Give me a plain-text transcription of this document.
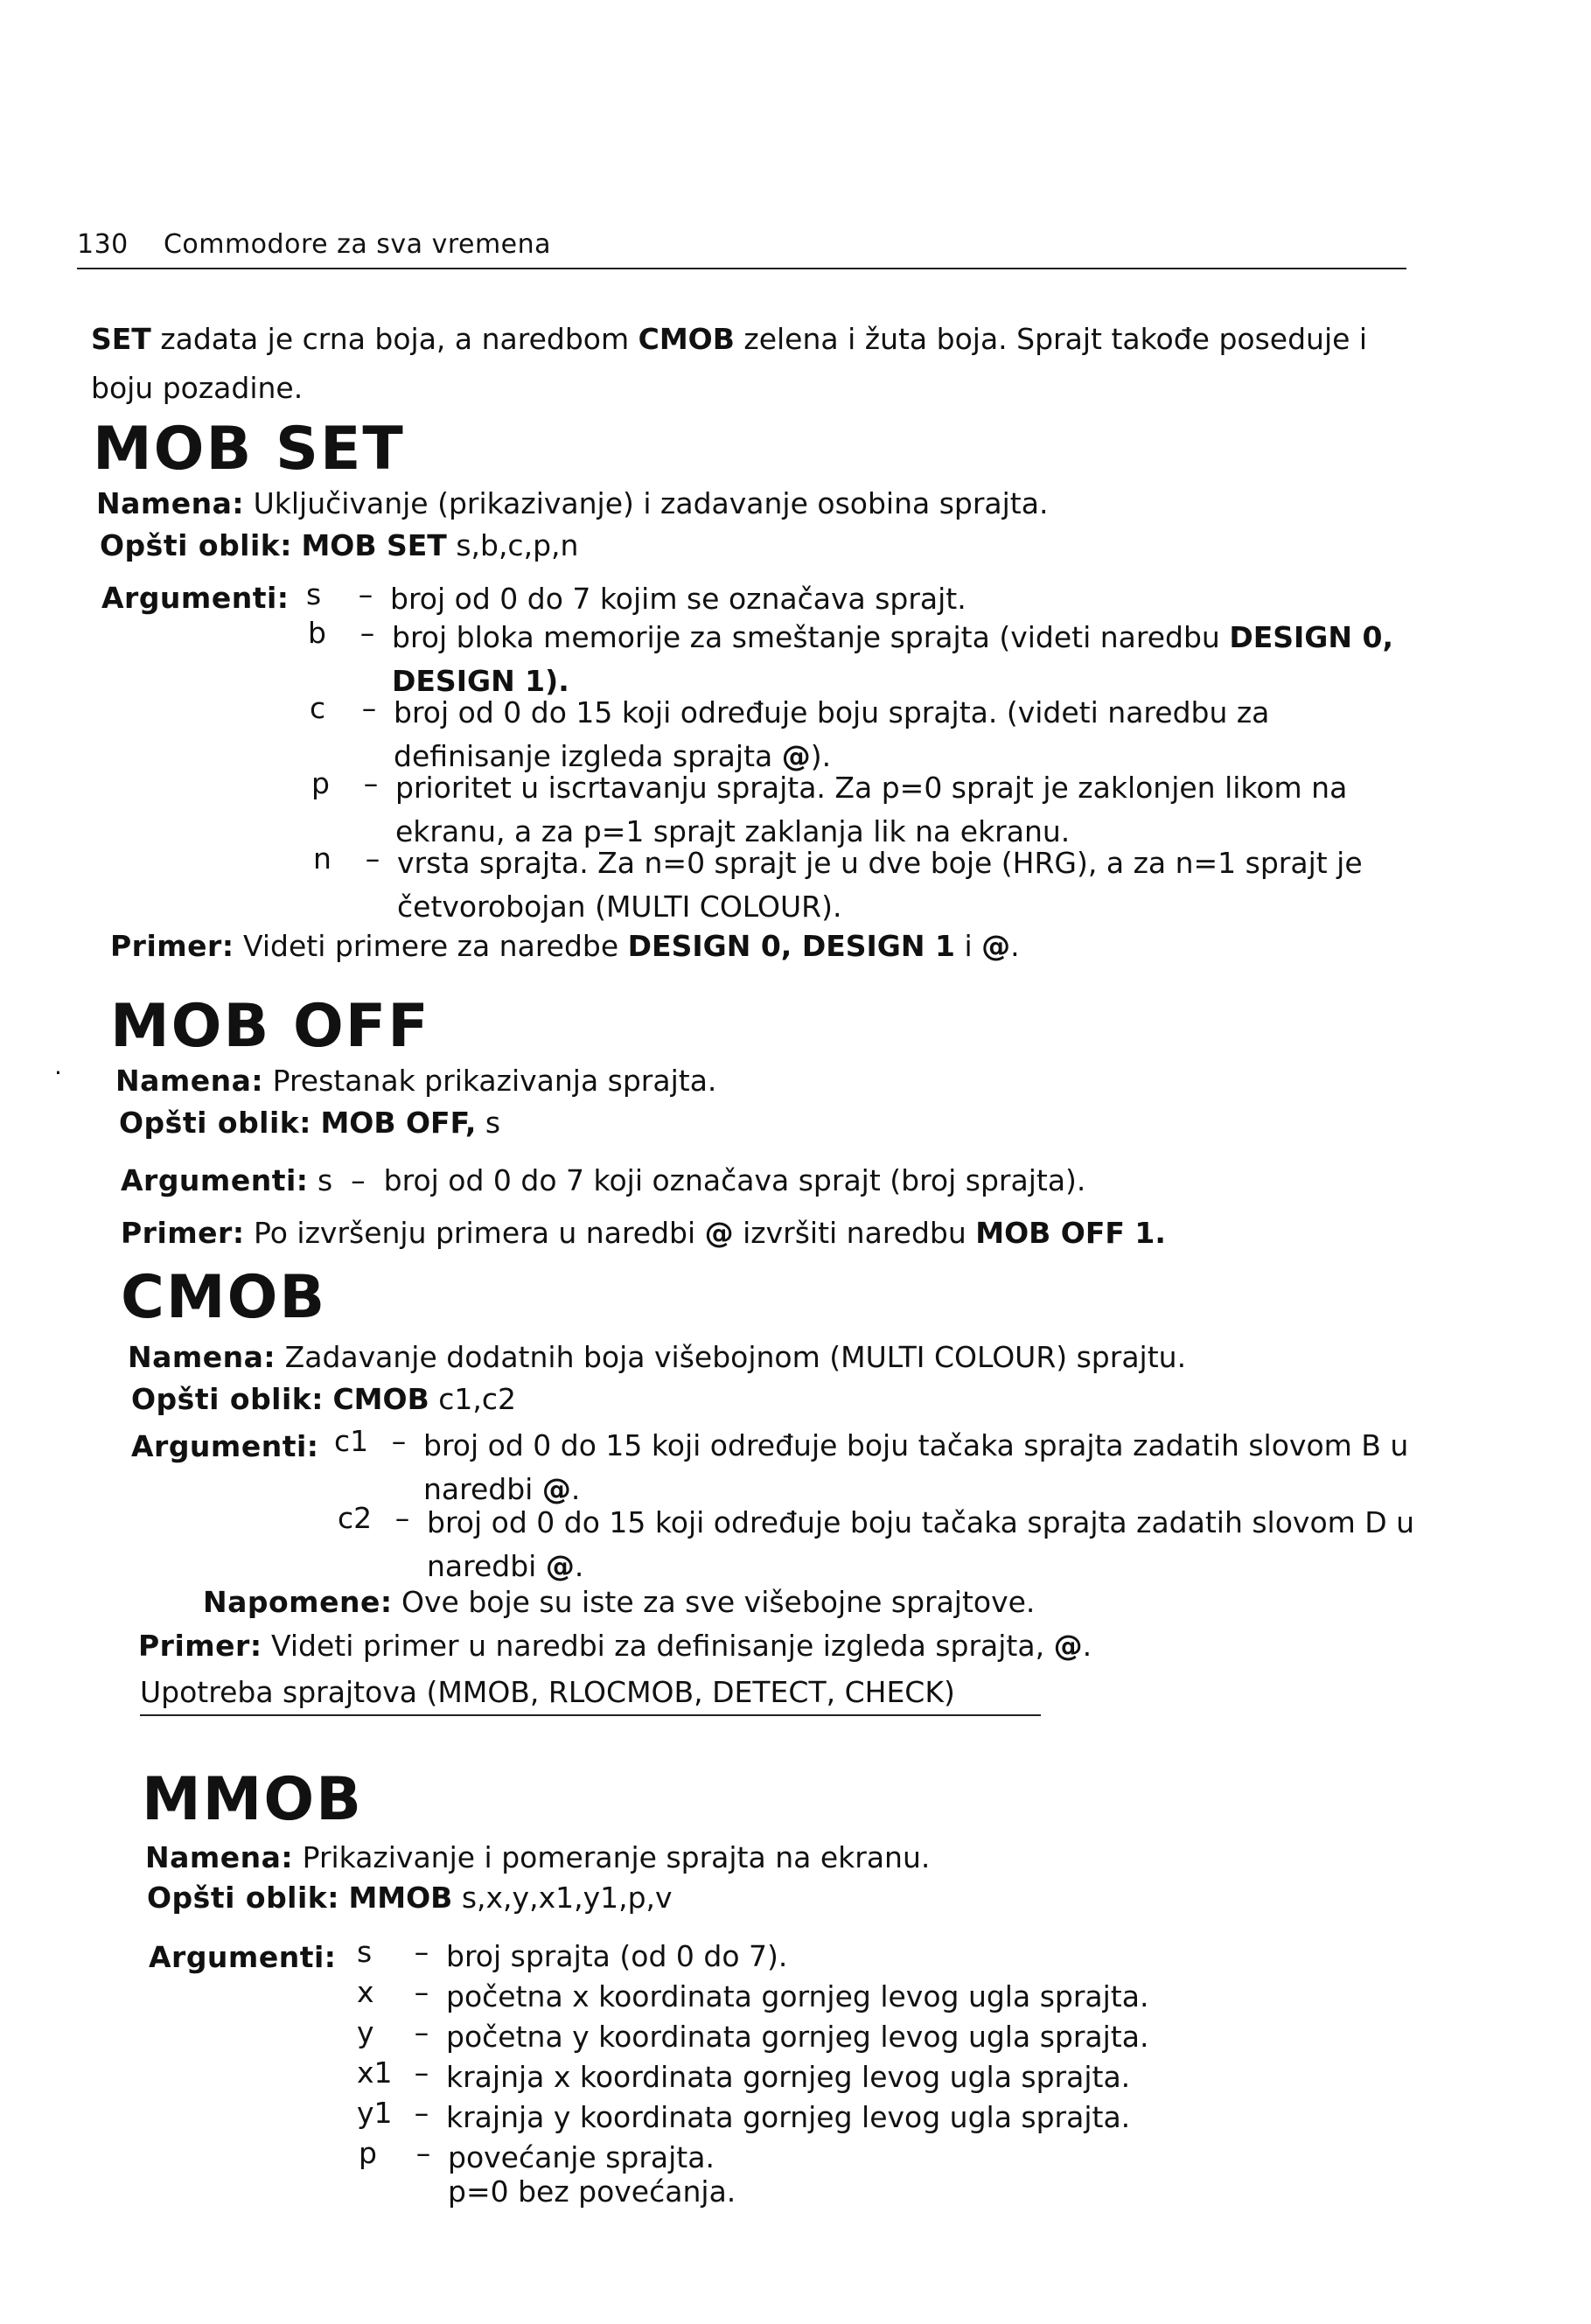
130 Commodore za sva vremena
SET zadata je crna boja, a naredbom CMOB zelena i žuta boja. Sprajt takođe poseduje i boju pozadine.
MOB SET
Namena: Uključivanje (prikazivanje) i zadavanje osobina sprajta.
Opšti oblik: MOB SET s,b,c,p,n
Argumenti: s	– broj od 0 do 7 kojim se označava sprajt.
b	– broj bloka memorije za smeštanje sprajta (videti naredbu DESIGN 0, DESIGN 1).
c	– broj od 0 do 15 koji određuje boju sprajta. (videti naredbu za definisanje izgleda sprajta @).
p	– prioritet u iscrtavanju sprajta. Za p=0 sprajt je zaklonjen likom na ekranu, a za p=1 sprajt zaklanja lik na ekranu.
n	– vrsta sprajta. Za n=0 sprajt je u dve boje (HRG), a za n=1 sprajt je četvorobojan (MULTI COLOUR).
Primer: Videti primere za naredbe DESIGN 0, DESIGN 1 i @.
MOB OFF
· Namena: Prestanak prikazivanja sprajta.
Opšti oblik: MOB OFF, s
Argumenti: s  –  broj od 0 do 7 koji označava sprajt (broj sprajta).
Primer: Po izvršenju primera u naredbi @ izvršiti naredbu MOB OFF 1.
CMOB
Namena: Zadavanje dodatnih boja višebojnom (MULTI COLOUR) sprajtu.
Opšti oblik: CMOB c1,c2
Argumenti: c1 – broj od 0 do 15 koji određuje boju tačaka sprajta zadatih slovom B u naredbi @.
c2 – broj od 0 do 15 koji određuje boju tačaka sprajta zadatih slovom D u naredbi @.
Napomene: Ove boje su iste za sve višebojne sprajtove.
Primer: Videti primer u naredbi za definisanje izgleda sprajta, @.
Upotreba sprajtova (MMOB, RLOCMOB, DETECT, CHECK)
MMOB
Namena: Prikazivanje i pomeranje sprajta na ekranu.
Opšti oblik: MMOB s,x,y,x1,y1,p,v
Argumenti: s	– broj sprajta (od 0 do 7).
x	– početna x koordinata gornjeg levog ugla sprajta.
y	– početna y koordinata gornjeg levog ugla sprajta.
x1 – krajnja x koordinata gornjeg levog ugla sprajta.
y1 – krajnja y koordinata gornjeg levog ugla sprajta.
p	– povećanje sprajta.
p=0 bez povećanja.
